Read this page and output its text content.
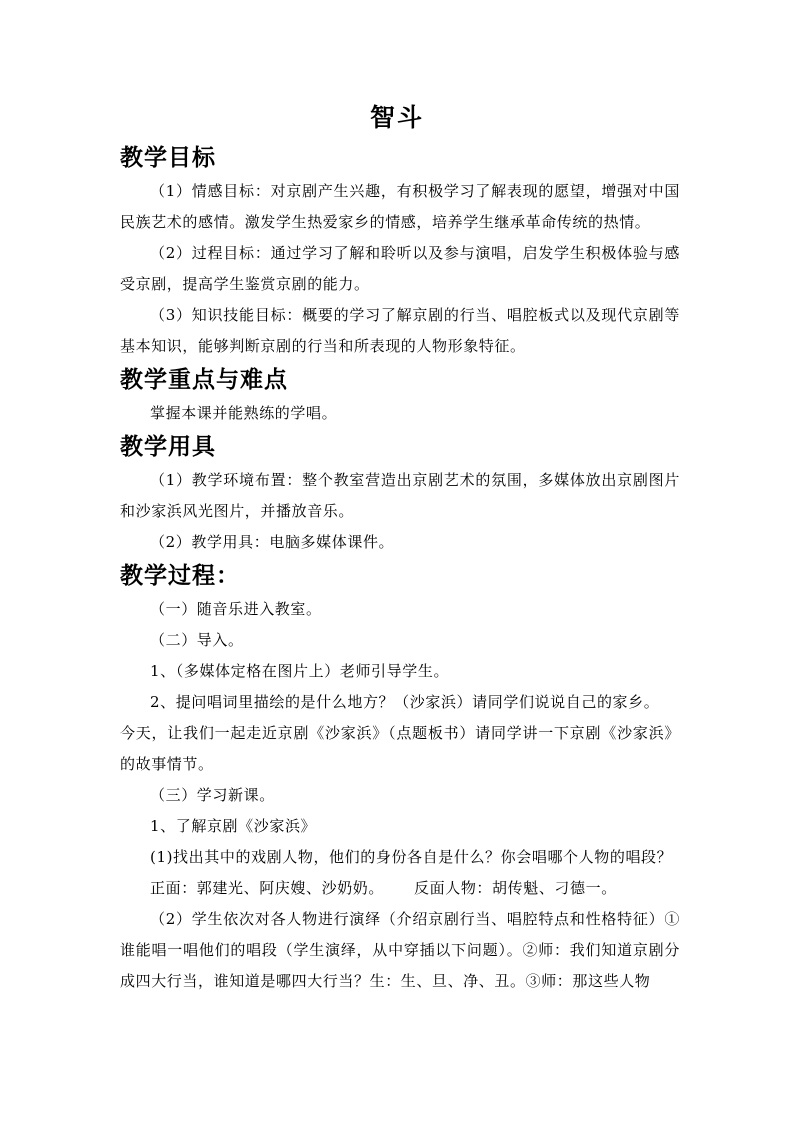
智斗
教学目标

（1）情感目标：对京剧产生兴趣，有积极学习了解表现的愿望，增强对中国民族艺术的感情。激发学生热爱家乡的情感，培养学生继承革命传统的热情。

（2）过程目标：通过学习了解和聆听以及参与演唱，启发学生积极体验与感受京剧，提高学生鉴赏京剧的能力。

（3）知识技能目标：概要的学习了解京剧的行当、唱腔板式以及现代京剧等基本知识，能够判断京剧的行当和所表现的人物形象特征。

教学重点与难点

掌握本课并能熟练的学唱。

教学用具

（1）教学环境布置：整个教室营造出京剧艺术的氛围，多媒体放出京剧图片和沙家浜风光图片，并播放音乐。

（2）教学用具：电脑多媒体课件。

教学过程：

（一）随音乐进入教室。

（二）导入。

1、（多媒体定格在图片上）老师引导学生。

2、提问唱词里描绘的是什么地方？（沙家浜）请同学们说说自己的家乡。

今天，让我们一起走近京剧《沙家浜》（点题板书）请同学讲一下京剧《沙家浜》的故事情节。

（三）学习新课。

1、了解京剧《沙家浜》

(1)找出其中的戏剧人物，他们的身份各自是什么？你会唱哪个人物的唱段？

正面：郭建光、阿庆嫂、沙奶奶。 反面人物：胡传魁、刁德一。

（2）学生依次对各人物进行演绎（介绍京剧行当、唱腔特点和性格特征）①谁能唱一唱他们的唱段（学生演绎，从中穿插以下问题）。②师：我们知道京剧分成四大行当，谁知道是哪四大行当？生：生、旦、净、丑。③师：那这些人物
